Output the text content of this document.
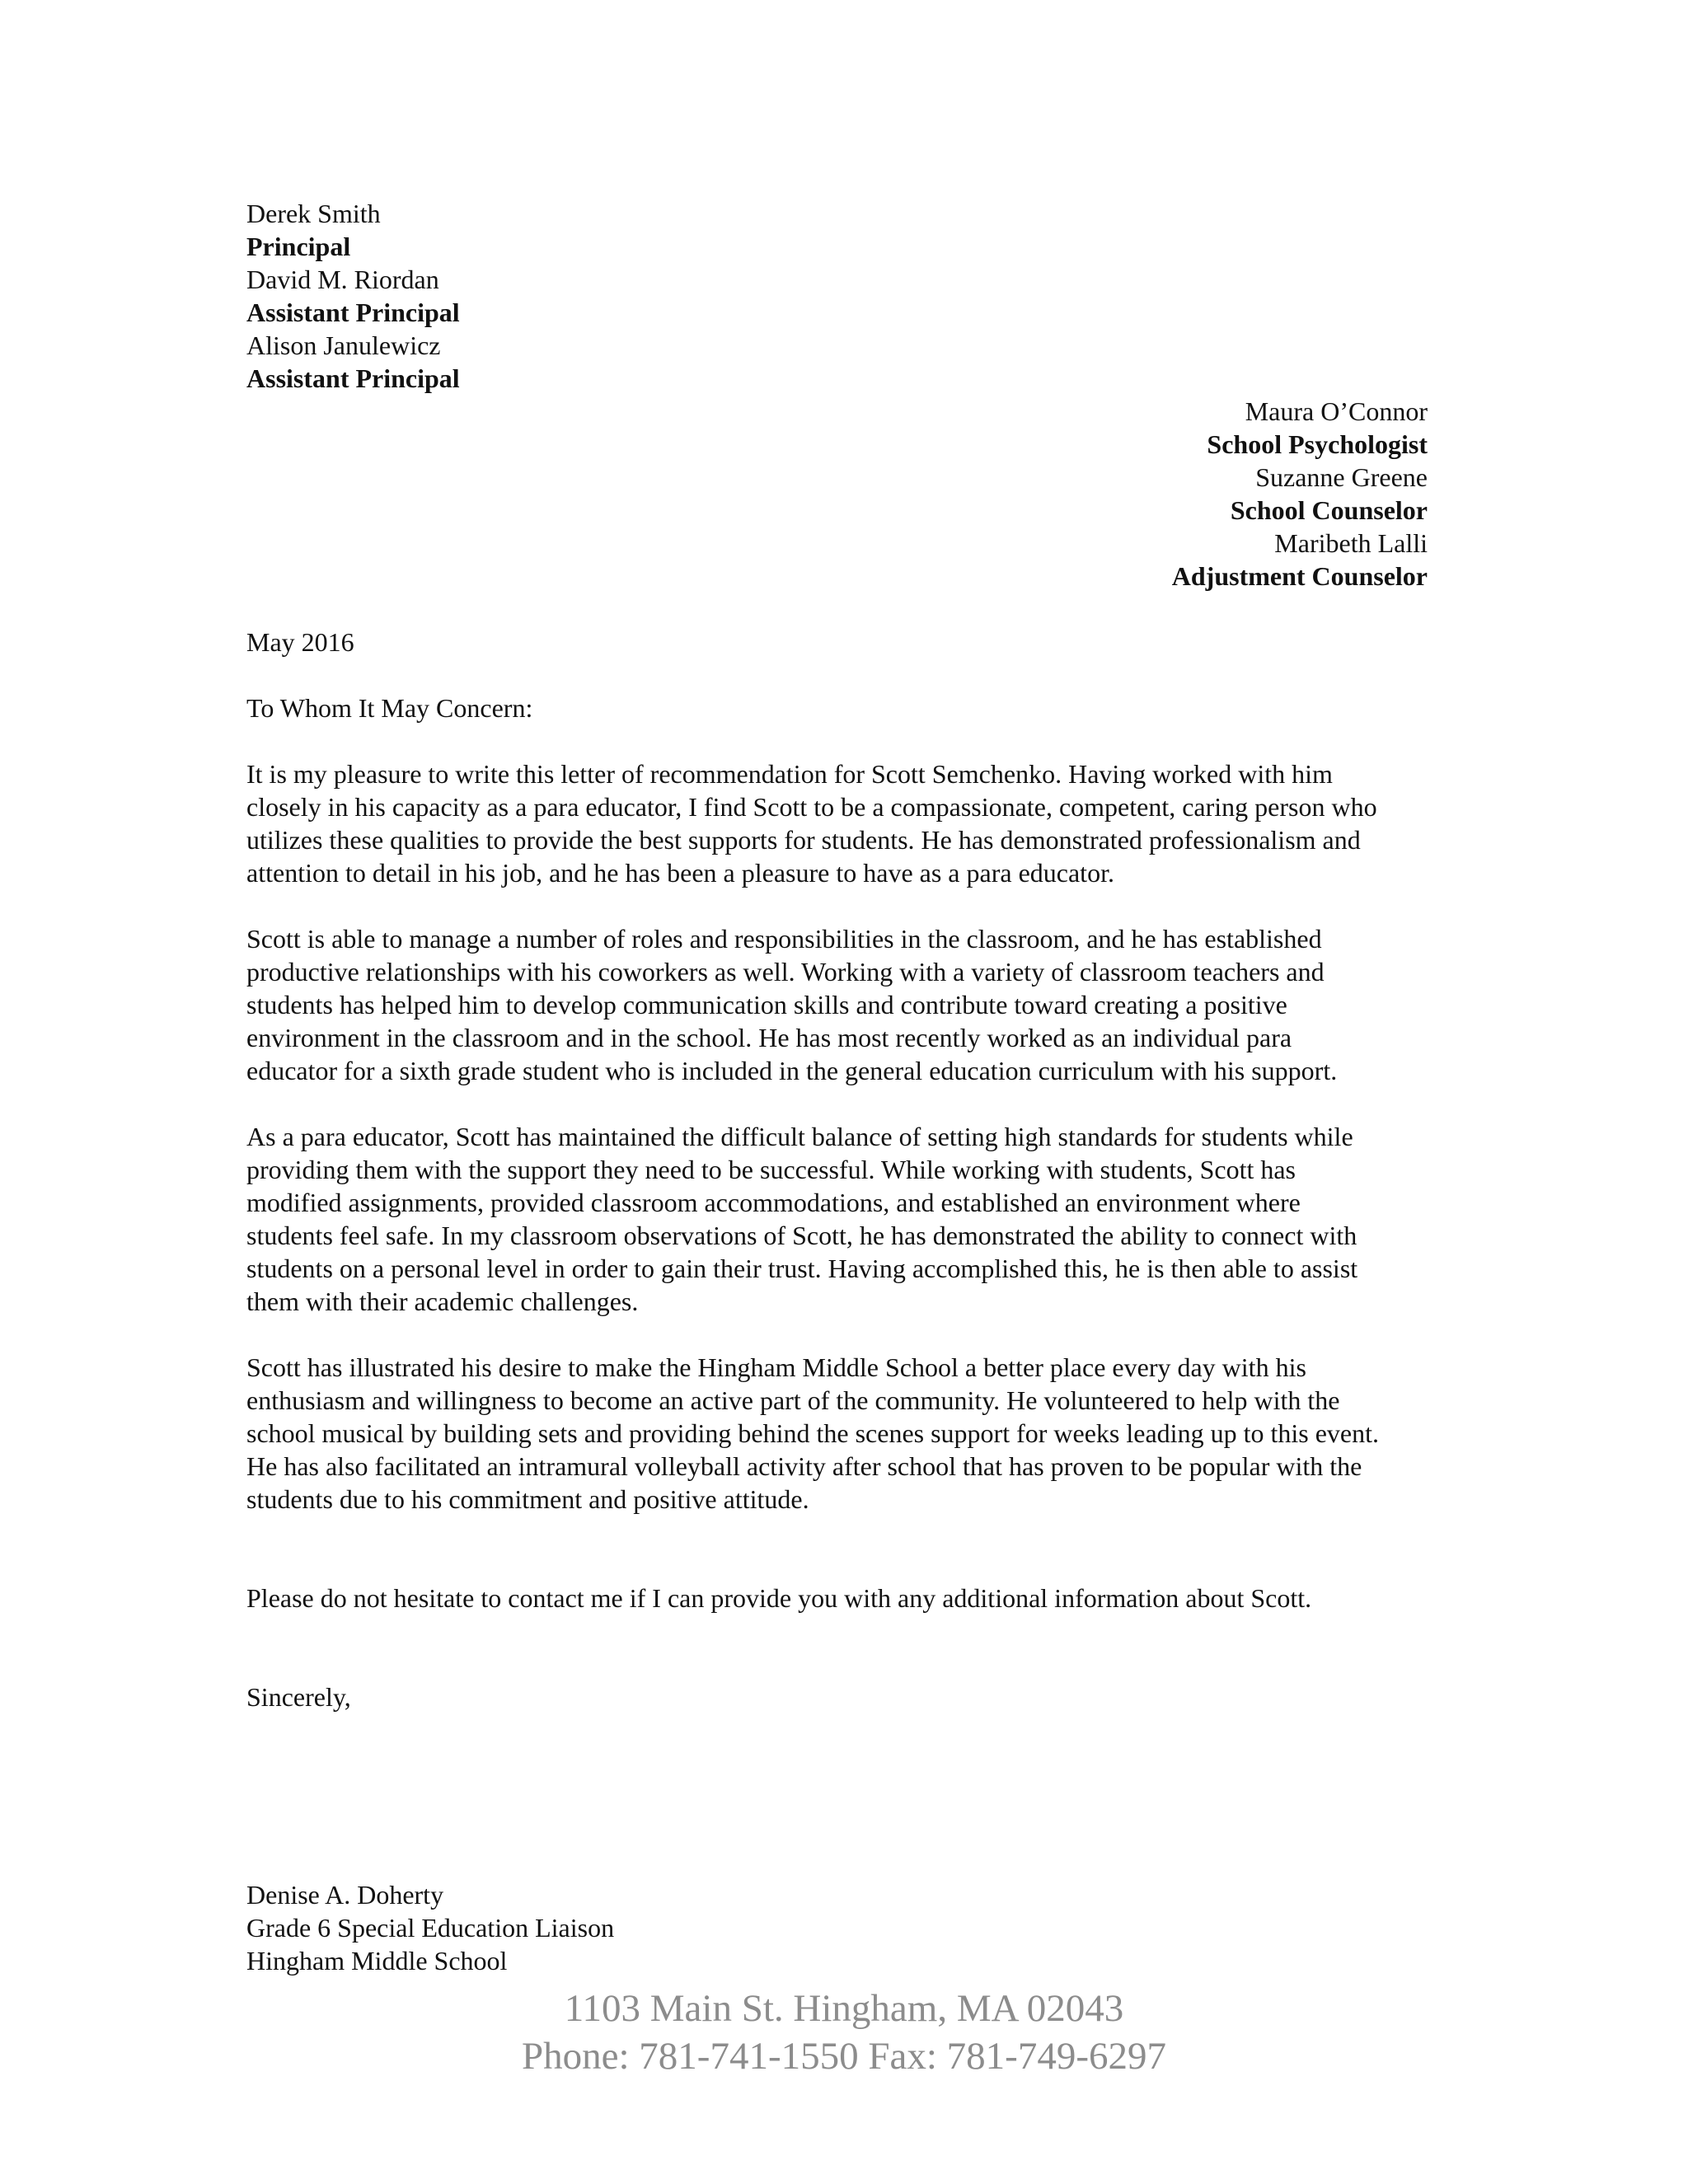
Derek Smith
Principal
David M. Riordan
Assistant Principal
Alison Janulewicz
Assistant Principal
Maura O’Connor
School Psychologist
Suzanne Greene
School Counselor
Maribeth Lalli
Adjustment Counselor
May 2016
To Whom It May Concern:
It is my pleasure to write this letter of recommendation for Scott Semchenko. Having worked with him
closely in his capacity as a para educator, I find Scott to be a compassionate, competent, caring person who
utilizes these qualities to provide the best supports for students. He has demonstrated professionalism and
attention to detail in his job, and he has been a pleasure to have as a para educator.
Scott is able to manage a number of roles and responsibilities in the classroom, and he has established
productive relationships with his coworkers as well. Working with a variety of classroom teachers and
students has helped him to develop communication skills and contribute toward creating a positive
environment in the classroom and in the school. He has most recently worked as an individual para
educator for a sixth grade student who is included in the general education curriculum with his support.
As a para educator, Scott has maintained the difficult balance of setting high standards for students while
providing them with the support they need to be successful. While working with students, Scott has
modified assignments, provided classroom accommodations, and established an environment where
students feel safe. In my classroom observations of Scott, he has demonstrated the ability to connect with
students on a personal level in order to gain their trust. Having accomplished this, he is then able to assist
them with their academic challenges.
Scott has illustrated his desire to make the Hingham Middle School a better place every day with his
enthusiasm and willingness to become an active part of the community. He volunteered to help with the
school musical by building sets and providing behind the scenes support for weeks leading up to this event.
He has also facilitated an intramural volleyball activity after school that has proven to be popular with the
students due to his commitment and positive attitude.
Please do not hesitate to contact me if I can provide you with any additional information about Scott.
Sincerely,
Denise A. Doherty
Grade 6 Special Education Liaison
Hingham Middle School
1103 Main St. Hingham, MA 02043
Phone: 781-741-1550 Fax: 781-749-6297
